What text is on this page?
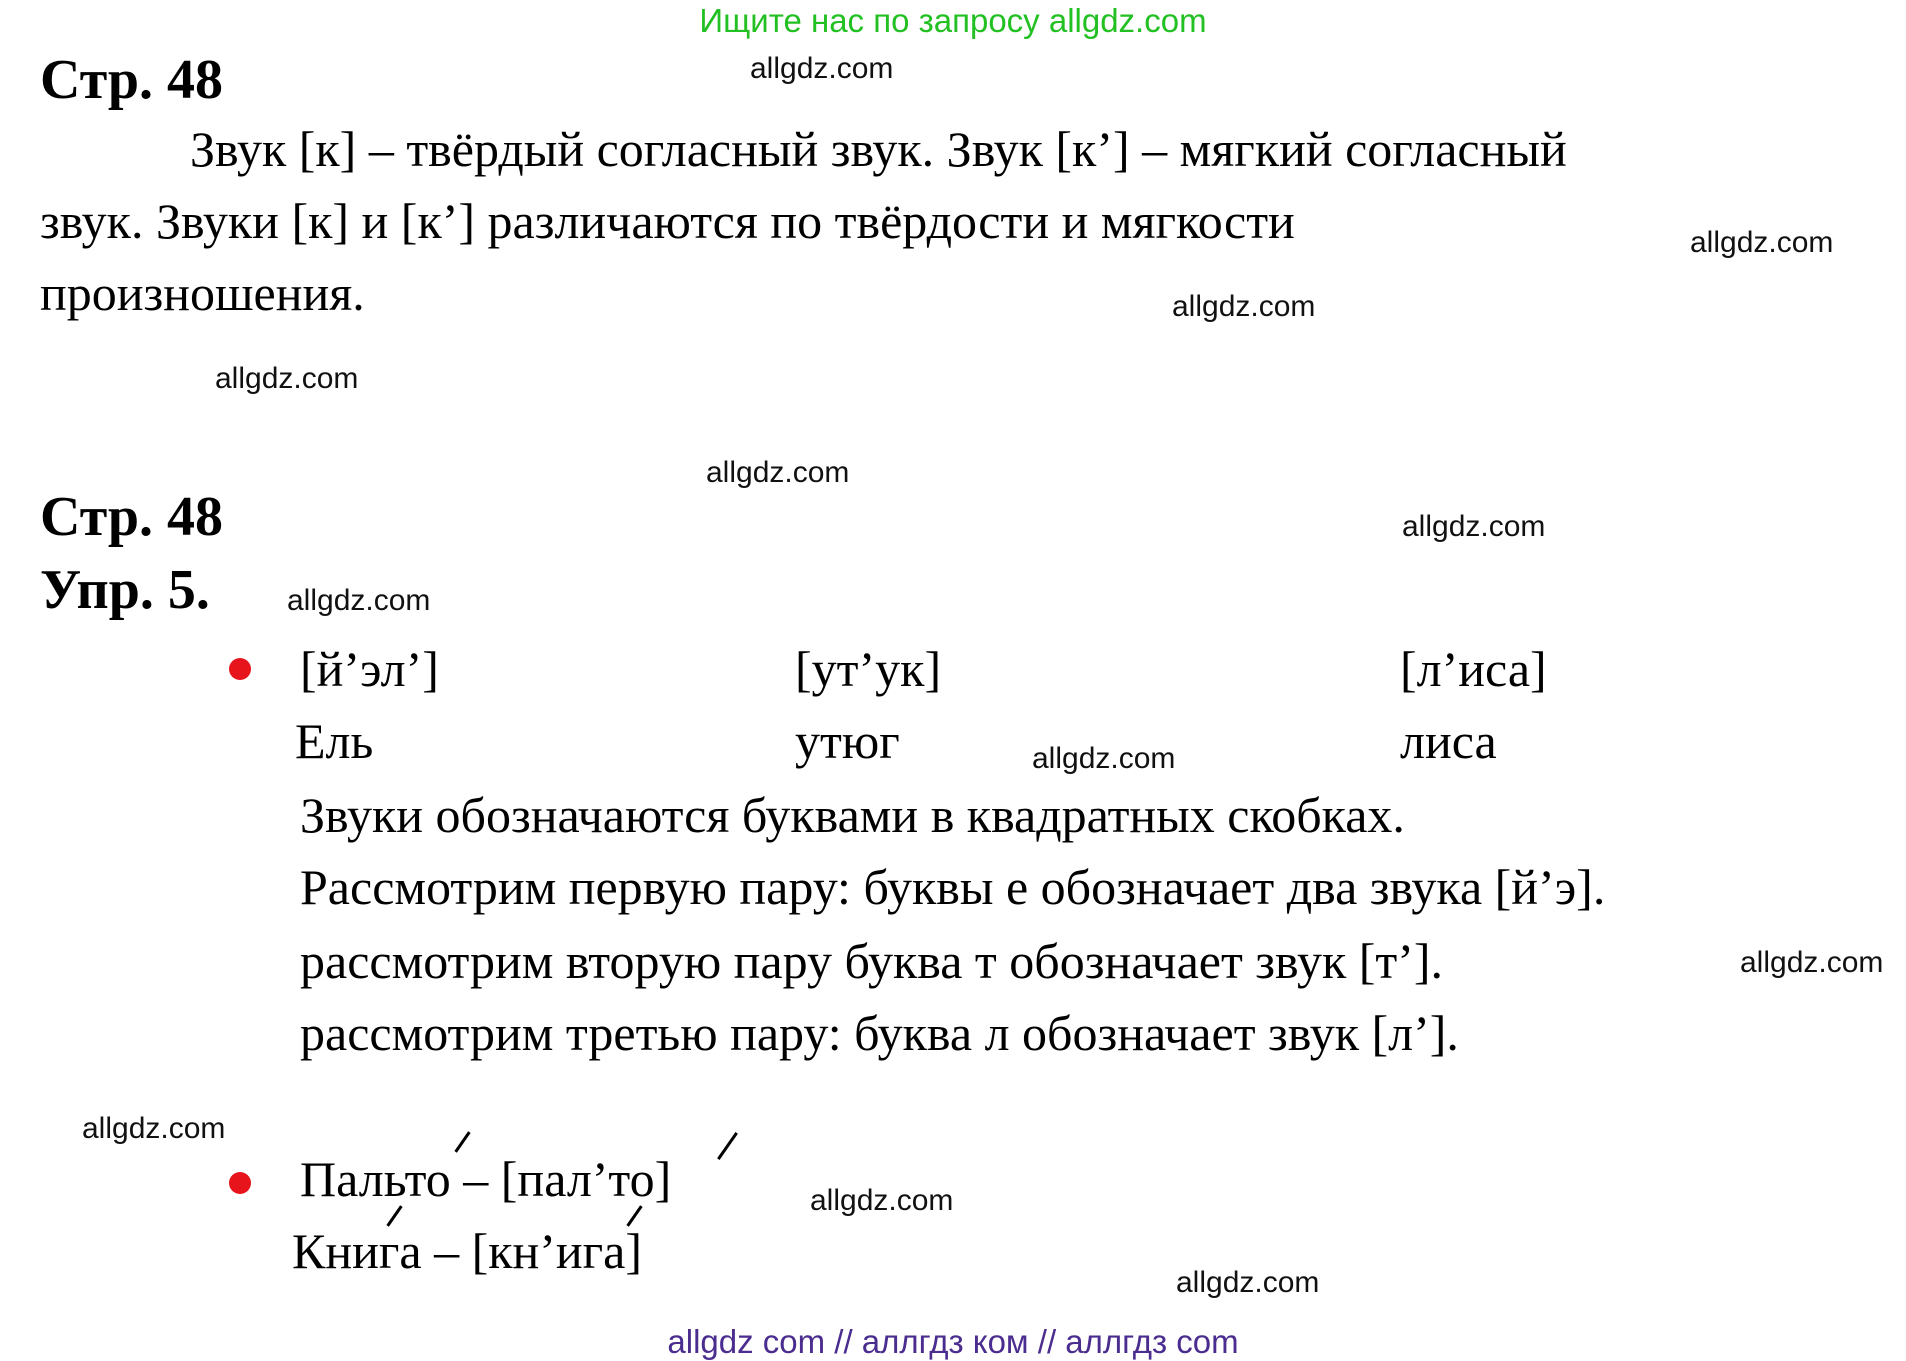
Ищите нас по запросу allgdz.com
Стр. 48
Звук [к] – твёрдый согласный звук. Звук [к’] – мягкий согласный
звук. Звуки [к] и [к’] различаются по твёрдости и мягкости
произношения.
Стр. 48
Упр. 5.
[й’эл’]	[ут’ук]	[л’иса]
Ель	утюг	лиса
Звуки обозначаются буквами в квадратных скобках.
Рассмотрим первую пару: буквы е обозначает два звука [й’э].
рассмотрим вторую пару буква т обозначает звук [т’].
рассмотрим третью пару: буква л обозначает звук [л’].
Пальто – [пал’то]
Книга – [кн’ига]
allgdz.com
allgdz.com
allgdz.com
allgdz.com
allgdz.com
allgdz.com
allgdz.com
allgdz.com
allgdz.com
allgdz.com
allgdz.com
allgdz.com
allgdz com // аллгдз ком // аллгдз com
